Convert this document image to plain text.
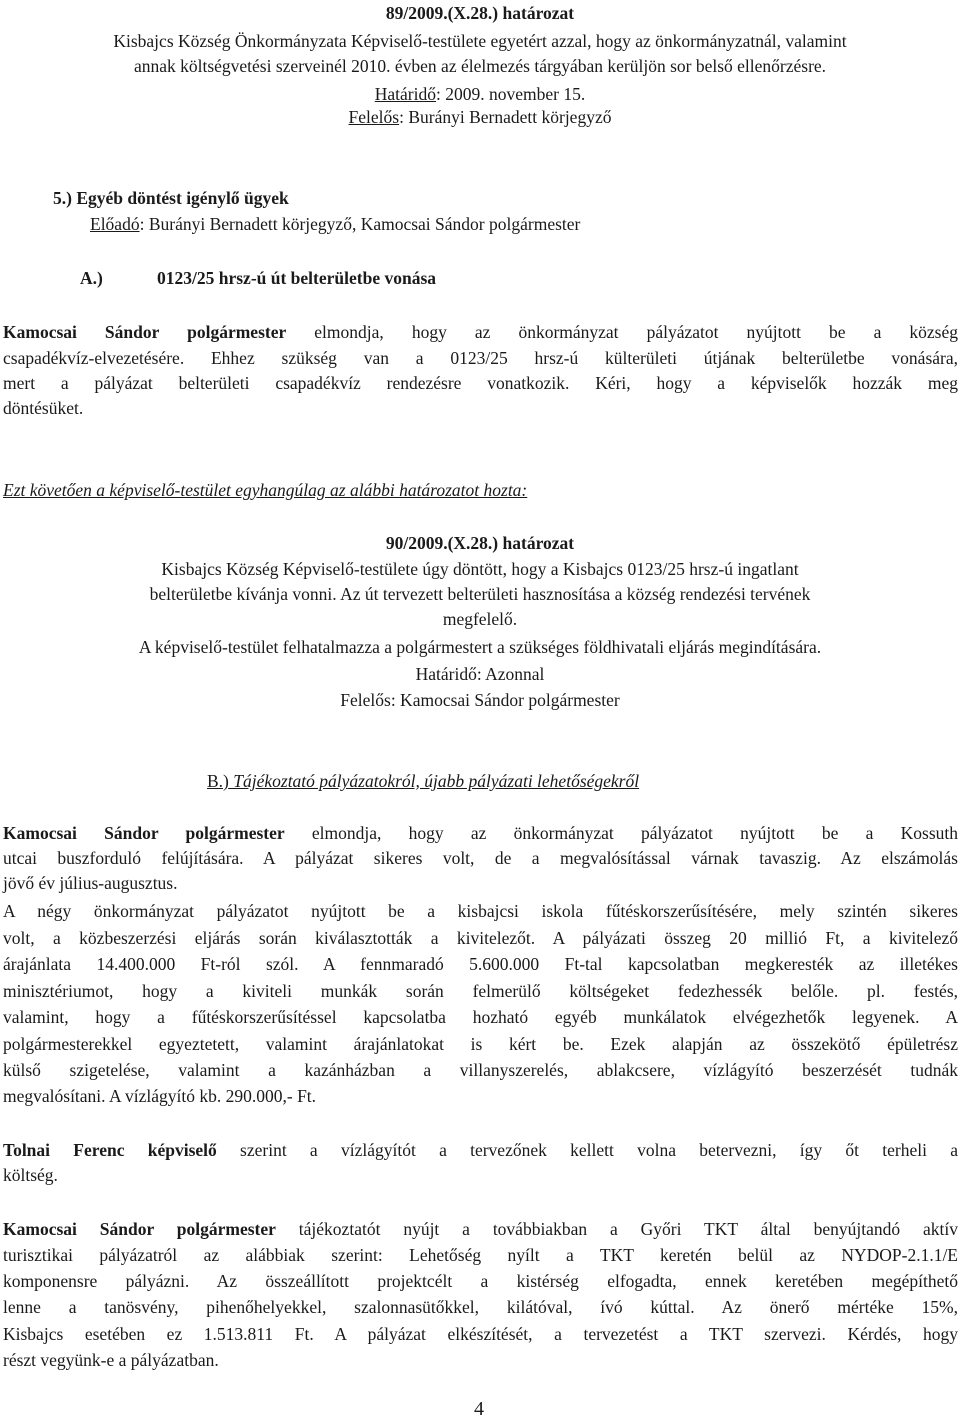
89/2009.(X.28.) határozat
Kisbajcs Község Önkormányzata Képviselő-testülete egyetért azzal, hogy az önkormányzatnál, valamint
annak költségvetési szerveinél 2010. évben az élelmezés tárgyában kerüljön sor belső ellenőrzésre.
Határidő: 2009. november 15.
Felelős: Burányi Bernadett körjegyző
5.) Egyéb döntést igénylő ügyek
Előadó: Burányi Bernadett körjegyző, Kamocsai Sándor polgármester
A.)	0123/25 hrsz-ú út belterületbe vonása
Kamocsai Sándor polgármester elmondja, hogy az önkormányzat pályázatot nyújtott be a község
csapadékvíz-elvezetésére. Ehhez szükség van a 0123/25 hrsz-ú külterületi útjának belterületbe vonására,
mert a pályázat belterületi csapadékvíz rendezésre vonatkozik. Kéri, hogy a képviselők hozzák meg
döntésüket.
Ezt követően a képviselő-testület egyhangúlag az alábbi határozatot hozta:
90/2009.(X.28.) határozat
Kisbajcs Község Képviselő-testülete úgy döntött, hogy a Kisbajcs 0123/25 hrsz-ú ingatlant
belterületbe kívánja vonni. Az út tervezett belterületi hasznosítása a község rendezési tervének
megfelelő.
A képviselő-testület felhatalmazza a polgármestert a szükséges földhivatali eljárás megindítására.
Határidő: Azonnal
Felelős: Kamocsai Sándor polgármester
B.) Tájékoztató pályázatokról, újabb pályázati lehetőségekről
Kamocsai Sándor polgármester elmondja, hogy az önkormányzat pályázatot nyújtott be a Kossuth
utcai buszforduló felújítására. A pályázat sikeres volt, de a megvalósítással várnak tavaszig. Az elszámolás
jövő év július-augusztus.
A négy önkormányzat pályázatot nyújtott be a kisbajcsi iskola fűtéskorszerűsítésére, mely szintén sikeres
volt, a közbeszerzési eljárás során kiválasztották a kivitelezőt. A pályázati összeg 20 millió Ft, a kivitelező
árajánlata 14.400.000 Ft-ról szól. A fennmaradó 5.600.000 Ft-tal kapcsolatban megkeresték az illetékes
minisztériumot, hogy a kiviteli munkák során felmerülő költségeket fedezhessék belőle. pl. festés,
valamint, hogy a fűtéskorszerűsítéssel kapcsolatba hozható egyéb munkálatok elvégezhetők legyenek. A
polgármesterekkel egyeztetett, valamint árajánlatokat is kért be. Ezek alapján az összekötő épületrész
külső szigetelése, valamint a kazánházban a villanyszerelés, ablakcsere, vízlágyító beszerzését tudnák
megvalósítani. A vízlágyító kb. 290.000,- Ft.
Tolnai Ferenc képviselő szerint a vízlágyítót a tervezőnek kellett volna betervezni, így őt terheli a
költség.
Kamocsai Sándor polgármester tájékoztatót nyújt a továbbiakban a Győri TKT által benyújtandó aktív
turisztikai pályázatról az alábbiak szerint: Lehetőség nyílt a TKT keretén belül az NYDOP-2.1.1/E
komponensre pályázni. Az összeállított projektcélt a kistérség elfogadta, ennek keretében megépíthető
lenne a tanösvény, pihenőhelyekkel, szalonnasütőkkel, kilátóval, ívó kúttal. Az önerő mértéke 15%,
Kisbajcs esetében ez 1.513.811 Ft. A pályázat elkészítését, a tervezetést a TKT szervezi. Kérdés, hogy
részt vegyünk-e a pályázatban.
4
